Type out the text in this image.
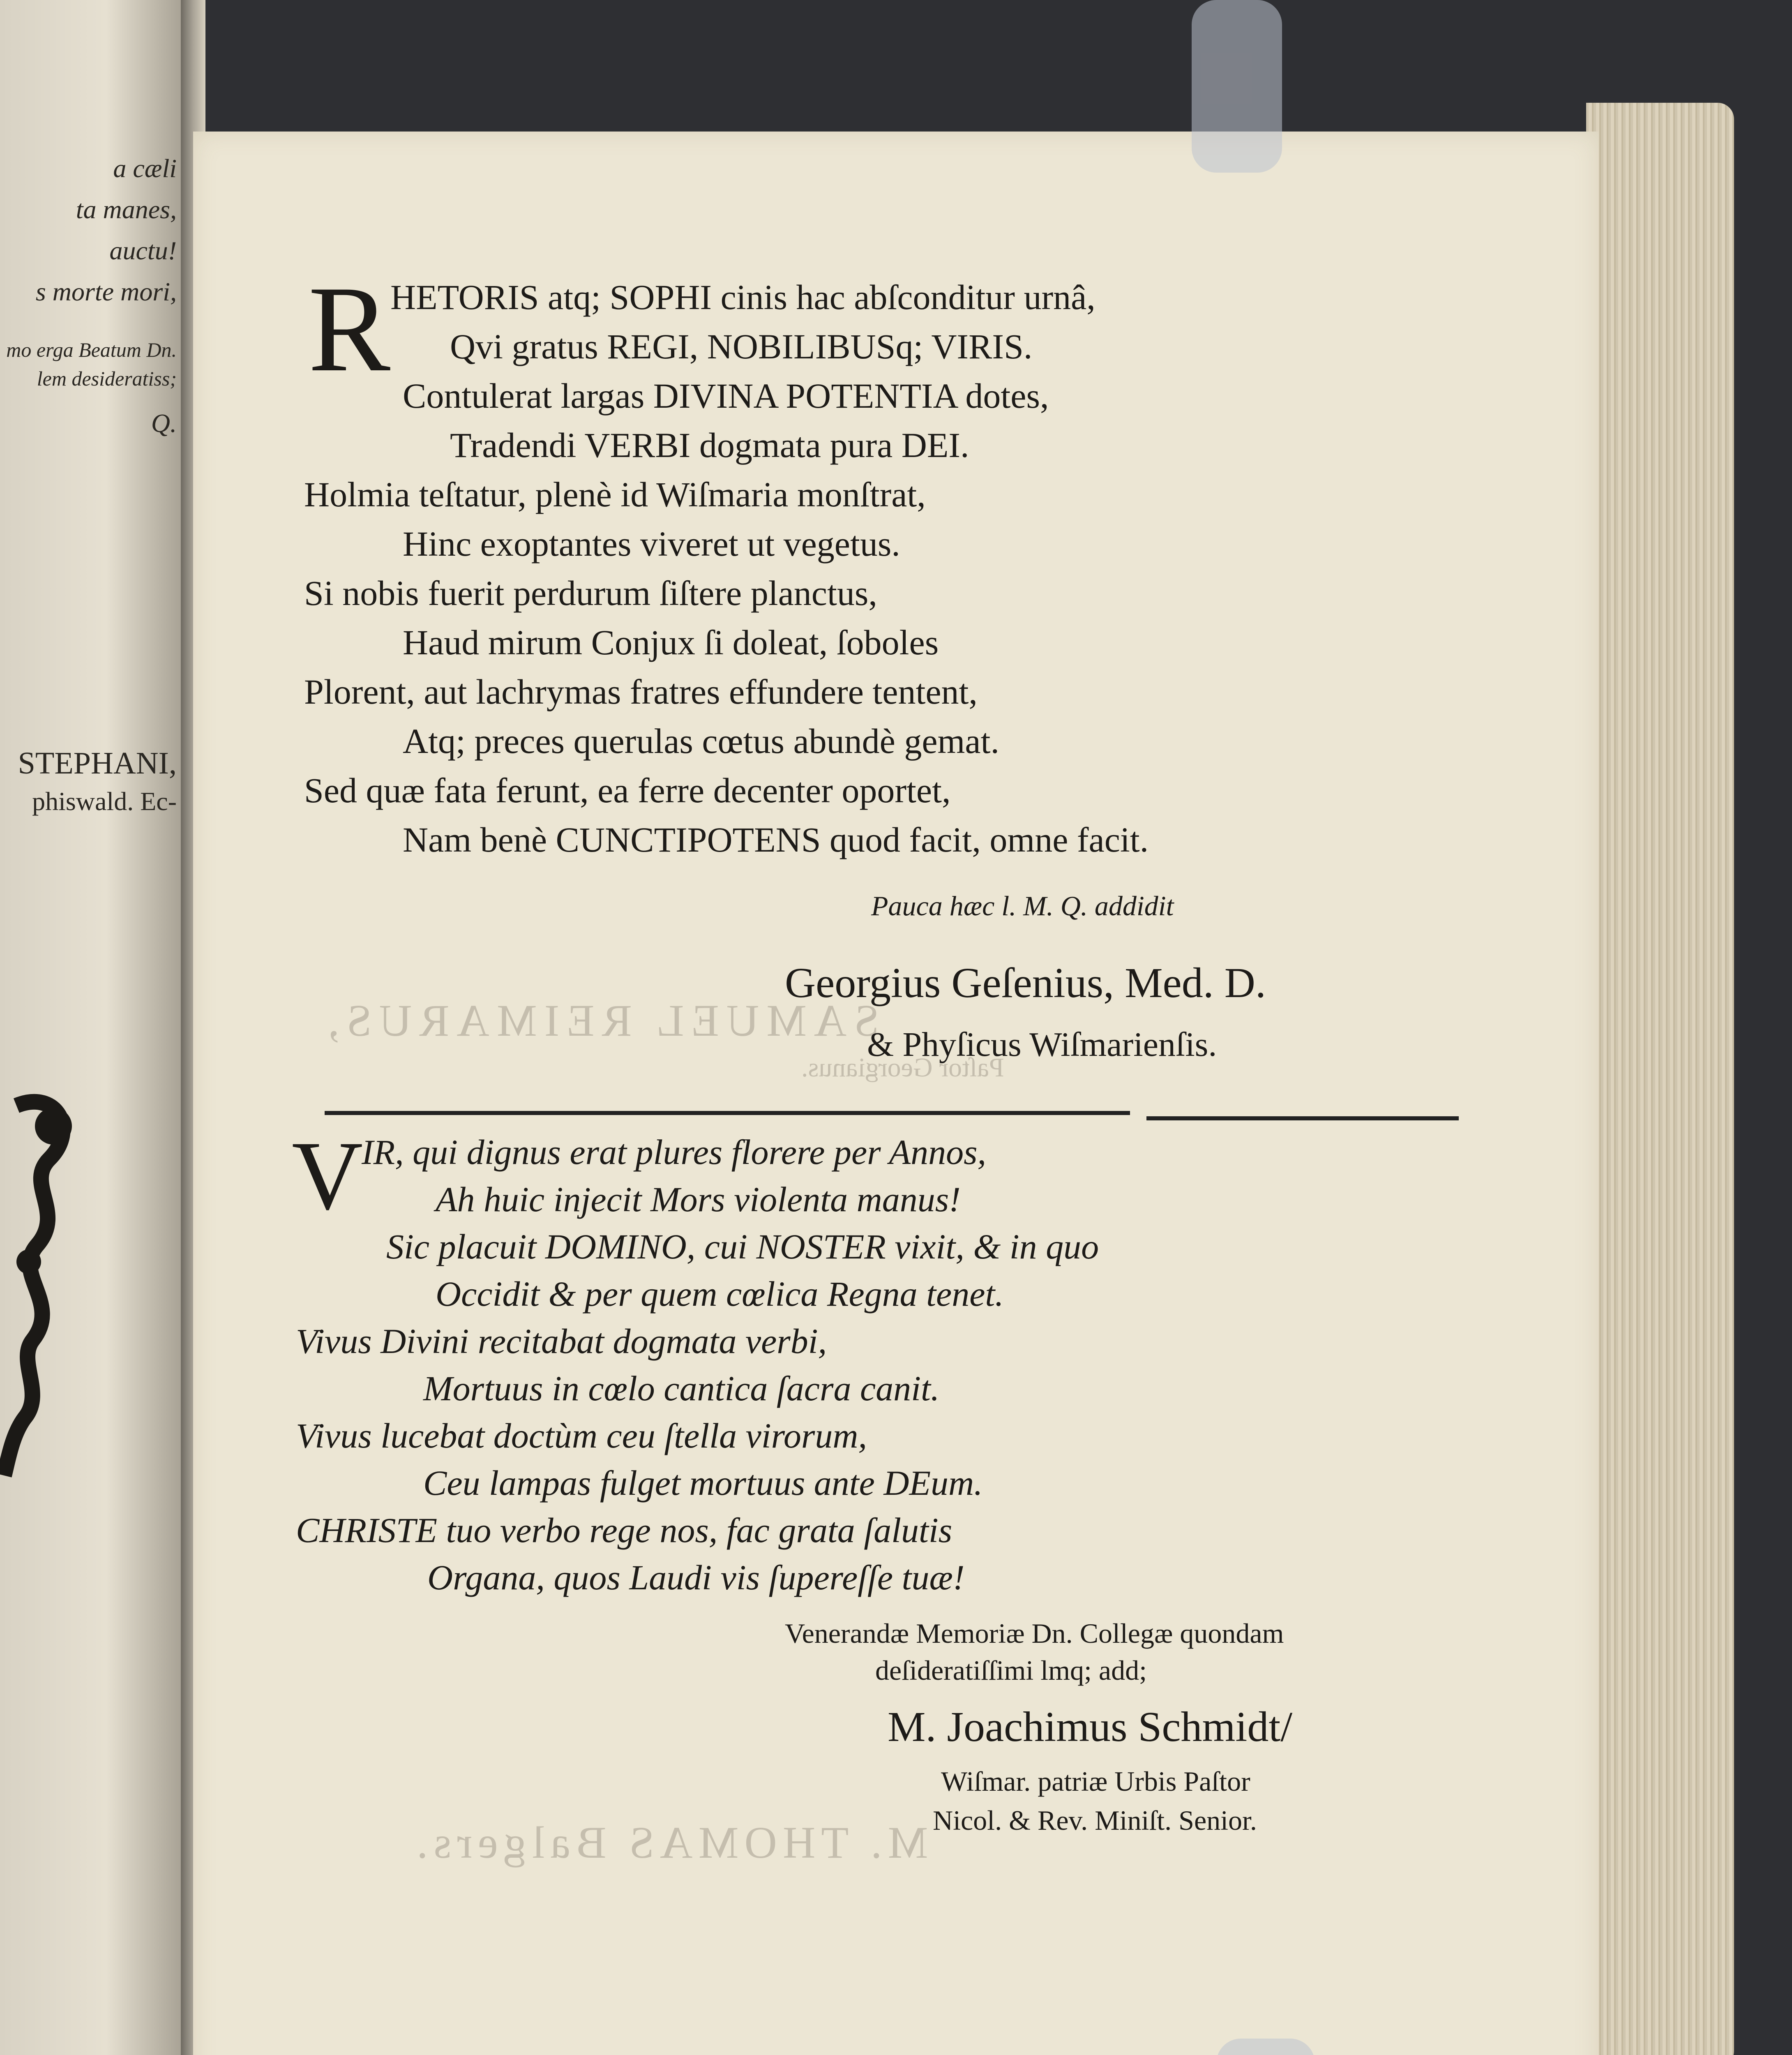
a cæli
ta manes,
auctu!
s morte mori,
mo erga Beatum Dn.
lem desideratiss;
Q.
STEPHANI,
phiswald. Ec-
SAMUEL REIMARUS,
Paſtor Georgianus.
M. THOMAS Balgers.
R HETORIS atq; SOPHI cinis hac abſconditur urnâ,
Qvi gratus REGI, NOBILIBUSq; VIRIS.
Contulerat largas DIVINA POTENTIA dotes,
Tradendi VERBI dogmata pura DEI.
Holmia teſtatur, plenè id Wiſmaria monſtrat,
Hinc exoptantes viveret ut vegetus.
Si nobis fuerit perdurum ſiſtere planctus,
Haud mirum Conjux ſi doleat, ſoboles
Plorent, aut lachrymas fratres effundere tentent,
Atq; preces querulas cœtus abundè gemat.
Sed quæ fata ferunt, ea ferre decenter oportet,
Nam benè CUNCTIPOTENS quod facit, omne facit.
Pauca hæc l. M. Q. addidit
Georgius Geſenius, Med. D.
& Phyſicus Wiſmarienſis.
V
IR, qui dignus erat plures florere per Annos,
Ah huic injecit Mors violenta manus!
Sic placuit DOMINO, cui NOSTER vixit, & in quo
Occidit & per quem cœlica Regna tenet.
Vivus Divini recitabat dogmata verbi,
Mortuus in cœlo cantica ſacra canit.
Vivus lucebat doctùm ceu ſtella virorum,
Ceu lampas fulget mortuus ante DEum.
CHRISTE tuo verbo rege nos, fac grata ſalutis
Organa, quos Laudi vis ſupereſſe tuæ!
Venerandæ Memoriæ Dn. Collegæ quondam
deſideratiſſimi lmq; add;
M. Joachimus Schmidt/
Wiſmar. patriæ Urbis Paſtor
Nicol. & Rev. Miniſt. Senior.
